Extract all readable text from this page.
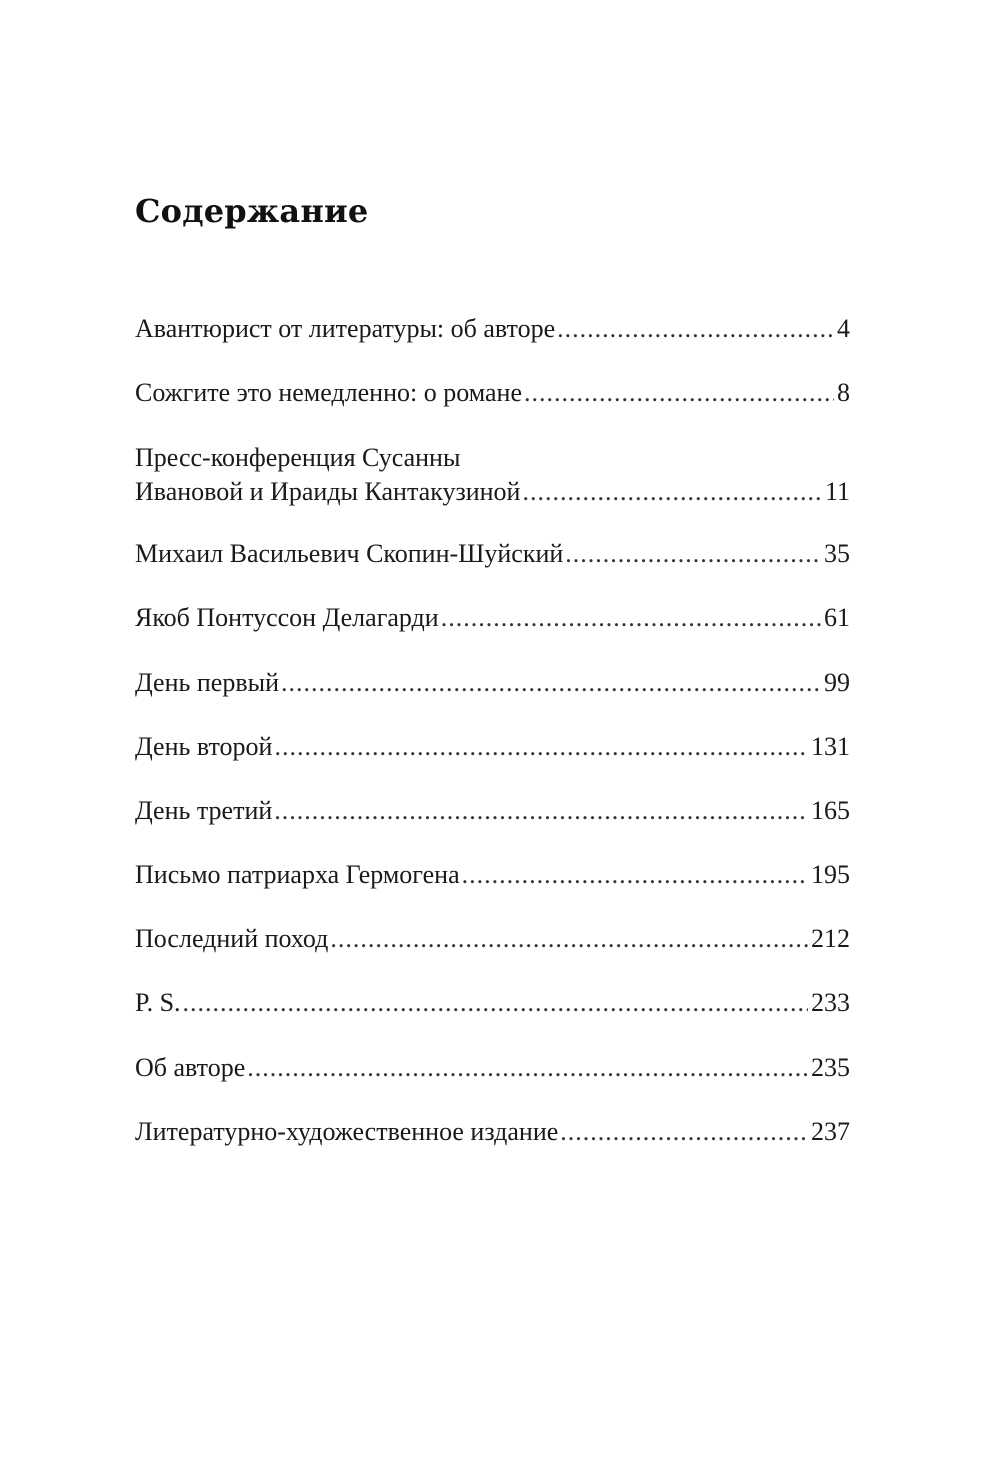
Содержание
Авантюрист от литературы: об авторе .....	4
Сожгите это немедленно: о романе .....	8
Пресс-конференция Сусанны
Ивановой и Ираиды Кантакузиной .....	11
Михаил Васильевич Скопин-Шуйский .....	35
Якоб Понтуссон Делагарди .....	61
День первый .....	99
День второй .....	131
День третий .....	165
Письмо патриарха Гермогена .....	195
Последний поход .....	212
P. S. .....	233
Об авторе .....	235
Литературно-художественное издание .....	237
